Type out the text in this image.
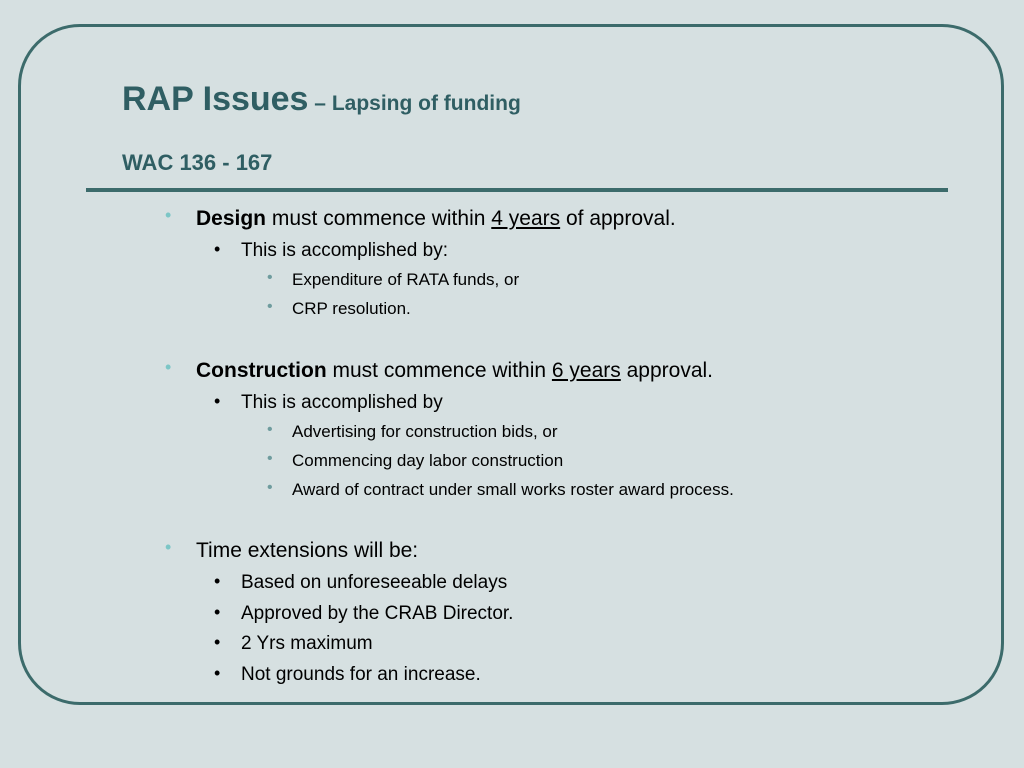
RAP Issues – Lapsing of funding
WAC 136 - 167
• Design must commence within 4 years of approval.
• This is accomplished by:
• Expenditure of RATA funds, or
• CRP resolution.
• Construction must commence within 6 years approval.
• This is accomplished by
• Advertising for construction bids, or
• Commencing day labor construction
• Award of contract under small works roster award process.
• Time extensions will be:
• Based on unforeseeable delays
• Approved by the CRAB Director.
• 2 Yrs maximum
• Not grounds for an increase.
